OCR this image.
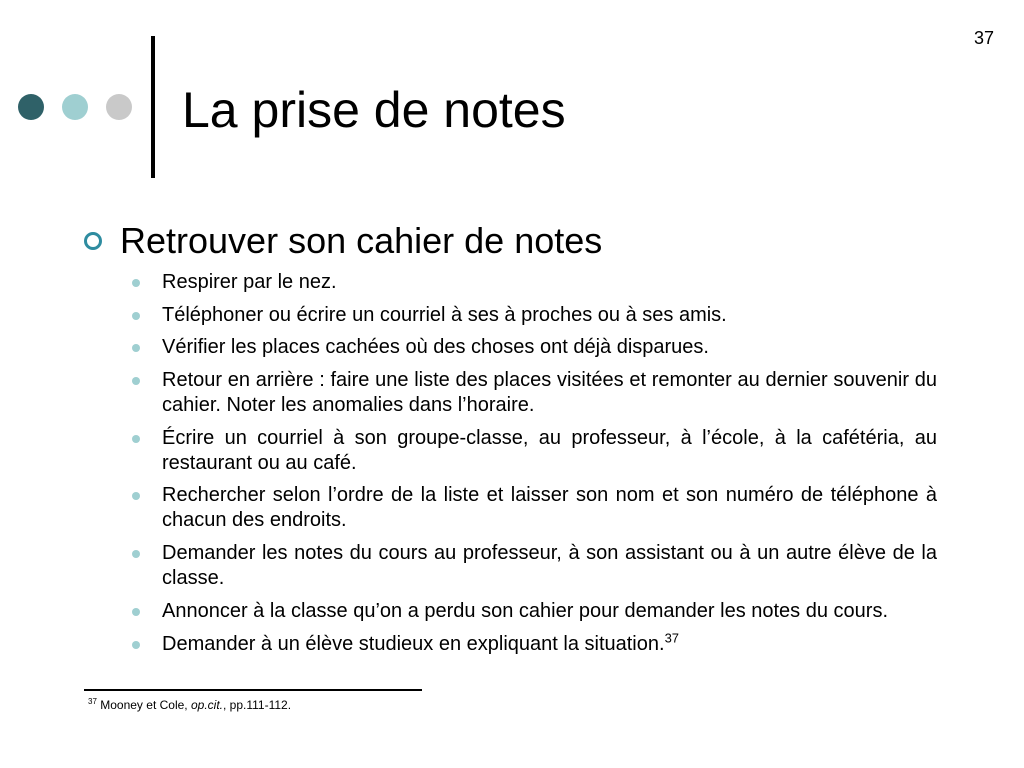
37
La prise de notes
Retrouver son cahier de notes
Respirer par le nez.
Téléphoner ou écrire un courriel à ses à proches ou à ses amis.
Vérifier les places cachées où des choses ont déjà disparues.
Retour en arrière : faire une liste des places visitées et remonter au dernier souvenir du cahier. Noter les anomalies dans l’horaire.
Écrire un courriel à son groupe-classe, au professeur, à l’école, à la cafétéria, au restaurant ou au café.
Rechercher selon l’ordre de la liste et laisser son nom et son numéro de téléphone à chacun des endroits.
Demander les notes du cours au professeur, à son assistant ou à un autre élève de la classe.
Annoncer à la classe qu’on a perdu son cahier pour demander les notes du cours.
Demander à un élève studieux en expliquant la situation.$^{37}$
$^{37}$ Mooney et Cole, op.cit., pp.111-112.
